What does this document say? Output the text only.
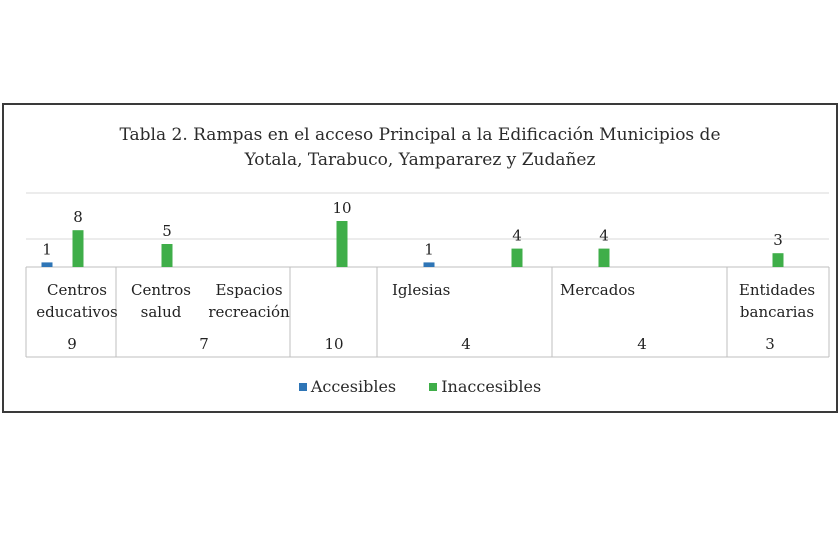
Tabla 2. Rampas en el acceso Principal a la Edificación Municipios de
Yotala, Tarabuco, Yampararez y Zudañez
1
8
5
10
1
4	4	3
Centros
educativos
Centros
salud
Espacios
recreación
Iglesias	Mercados	Entidades
bancarias
9	7	10	4	4	3
Accesibles	Inaccesibles
